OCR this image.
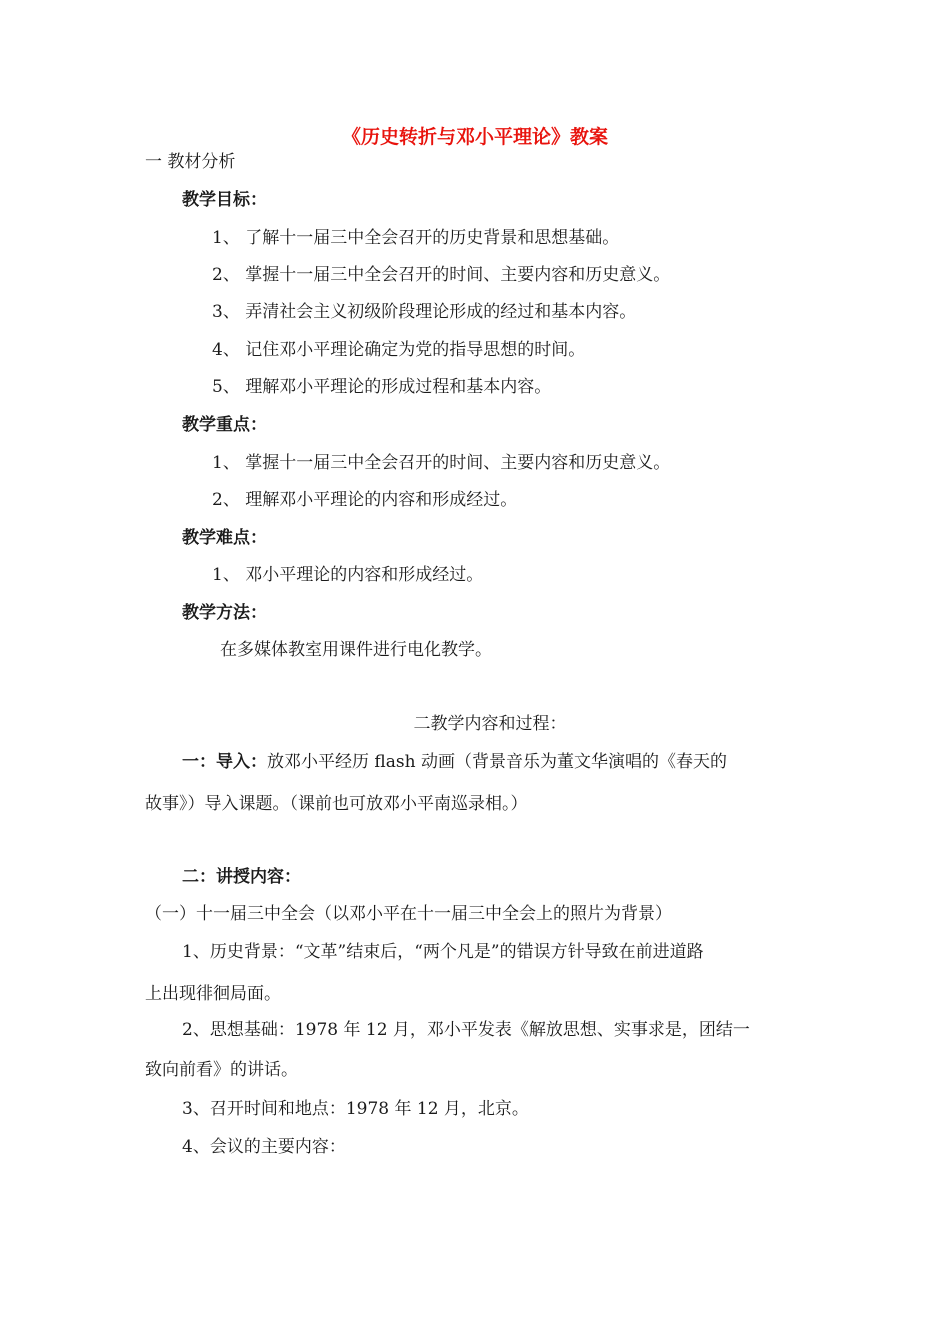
《历史转折与邓小平理论》教案
一 教材分析
教学目标：
1、 了解十一届三中全会召开的历史背景和思想基础。
2、 掌握十一届三中全会召开的时间、主要内容和历史意义。
3、 弄清社会主义初级阶段理论形成的经过和基本内容。
4、 记住邓小平理论确定为党的指导思想的时间。
5、 理解邓小平理论的形成过程和基本内容。
教学重点：
1、 掌握十一届三中全会召开的时间、主要内容和历史意义。
2、 理解邓小平理论的内容和形成经过。
教学难点：
1、 邓小平理论的内容和形成经过。
教学方法：
在多媒体教室用课件进行电化教学。
二教学内容和过程：
一：导入：放邓小平经历 flash 动画（背景音乐为董文华演唱的《春天的
故事》）导入课题。（课前也可放邓小平南巡录相。）
二：讲授内容：
（一）十一届三中全会（以邓小平在十一届三中全会上的照片为背景）
1、历史背景：“文革”结束后，“两个凡是”的错误方针导致在前进道路
上出现徘徊局面。
2、思想基础：1978 年 12 月，邓小平发表《解放思想、实事求是，团结一
致向前看》的讲话。
3、召开时间和地点：1978 年 12 月，北京。
4、会议的主要内容：
